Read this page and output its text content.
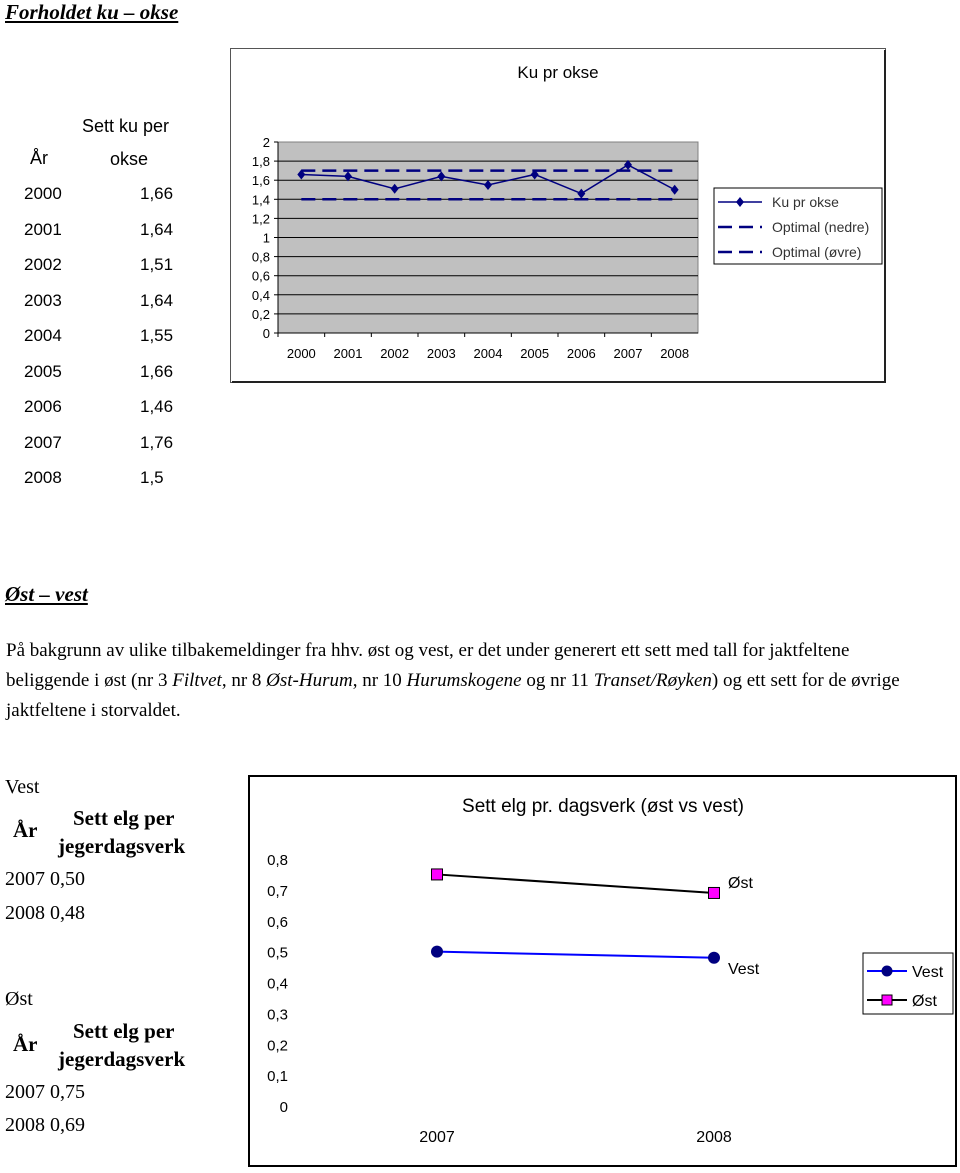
Forholdet ku – okse
År
Sett ku per
okse
2000	1,66
2001	1,64
2002	1,51
2003	1,64
2004	1,55
2005	1,66
2006	1,46
2007	1,76
2008	1,5
Ku pr okse
0
0,2
0,4
0,6
0,8
1
1,2
1,4
1,6
1,8
2
2000 2001 2002 2003 2004 2005 2006 2007 2008
Ku pr okse
Optimal (nedre)
Optimal (øvre)
Øst – vest
På bakgrunn av ulike tilbakemeldinger fra hhv. øst og vest, er det under generert ett sett med tall for jaktfeltene beliggende i øst (nr 3 Filtvet, nr 8 Øst-Hurum, nr 10 Hurumskogene og nr 11 Transet/Røyken) og ett sett for de øvrige jaktfeltene i storvaldet.
Vest
År Sett elg per
jegerdagsverk
2007 0,50
2008 0,48
Øst
År
Sett elg per
jegerdagsverk
2007 0,75
2008 0,69
Sett elg pr. dagsverk (øst vs vest)
0
0,1
0,2
0,3
0,4
0,5
0,6
0,7
0,8
2007	2008
Vest
Øst
Vest
Øst
